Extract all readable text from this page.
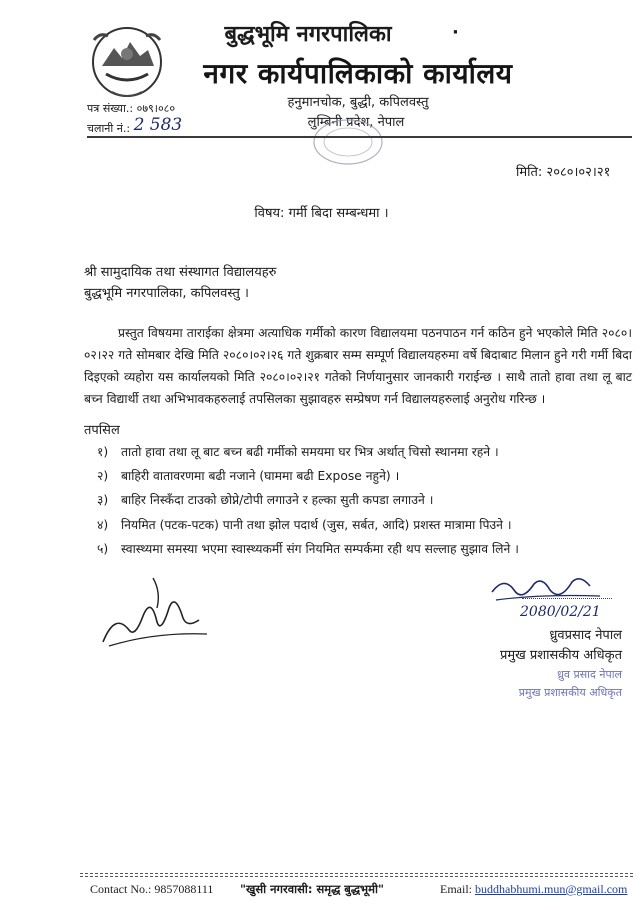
बुद्धभूमि नगरपालिका	·
नगर कार्यपालिकाको कार्यालय
हनुमानचोक, बुद्धी, कपिलवस्तु
लुम्बिनी प्रदेश, नेपाल
पत्र संख्या.: ०७९।०८०
चलानी नं.: 2 583
मिति: २०८०।०२।२१
विषय: गर्मी बिदा सम्बन्धमा ।
श्री सामुदायिक तथा संस्थागत विद्यालयहरु
बुद्धभूमि नगरपालिका, कपिलवस्तु ।
प्रस्तुत विषयमा ताराईका क्षेत्रमा अत्याधिक गर्मीको कारण विद्यालयमा पठनपाठन गर्न कठिन हुने भएकोले मिति २०८०।०२।२२ गते सोमबार देखि मिति २०८०।०२।२६ गते शुक्रबार सम्म सम्पूर्ण विद्यालयहरुमा वर्षे बिदाबाट मिलान हुने गरी गर्मी बिदा दिइएको व्यहोरा यस कार्यालयको मिति २०८०।०२।२१ गतेको निर्णयानुसार जानकारी गराईन्छ । साथै तातो हावा तथा लू बाट बच्न विद्यार्थी तथा अभिभावकहरुलाई तपसिलका सुझावहरु सम्प्रेषण गर्न विद्यालयहरुलाई अनुरोध गरिन्छ ।
तपसिल
१)	तातो हावा तथा लू बाट बच्न बढी गर्मीको समयमा घर भित्र अर्थात् चिसो स्थानमा रहने ।
२)	बाहिरी वातावरणमा बढी नजाने (घाममा बढी Expose नहुने) ।
३)	बाहिर निस्कँदा टाउको छोप्ने/टोपी लगाउने र हल्का सुती कपडा लगाउने ।
४)	नियमित (पटक-पटक) पानी तथा झोल पदार्थ (जुस, सर्बत, आदि) प्रशस्त मात्रामा पिउने ।
५)	स्वास्थ्यमा समस्या भएमा स्वास्थ्यकर्मी संग नियमित सम्पर्कमा रही थप सल्लाह सुझाव लिने ।
2080/02/21
ध्रुवप्रसाद नेपाल
प्रमुख प्रशासकीय अधिकृत
ध्रुव प्रसाद नेपाल
प्रमुख प्रशासकीय अधिकृत
Contact No.: 9857088111 "खुसी नगरवासी: समृद्ध बुद्धभूमी"	Email: buddhabhumi.mun@gmail.com
